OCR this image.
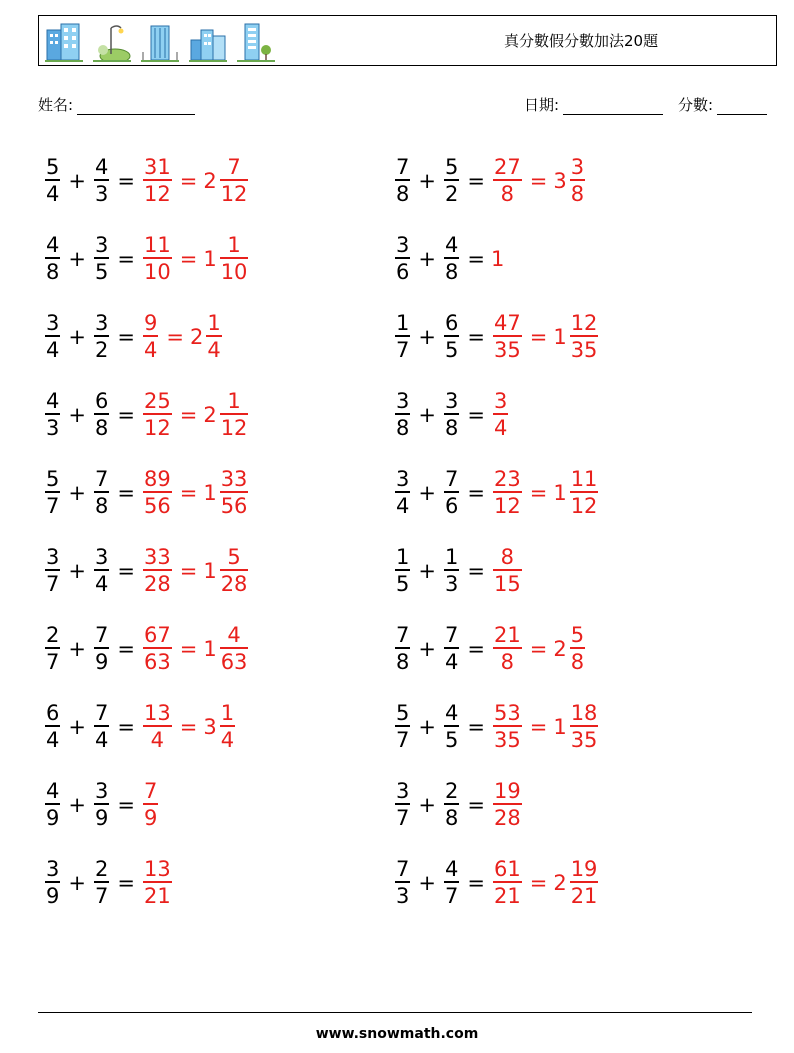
真分數假分數加法20題
姓名:	日期:	分數:
$\frac{5}{4} + \frac{4}{3} = \frac{31}{12} = 2 \frac{7}{12}$
$\frac{4}{8} + \frac{3}{5} = \frac{11}{10} = 1 \frac{1}{10}$
$\frac{3}{4} + \frac{3}{2} = \frac{9}{4} = 2 \frac{1}{4}$
$\frac{4}{3} + \frac{6}{8} = \frac{25}{12} = 2 \frac{1}{12}$
$\frac{5}{7} + \frac{7}{8} = \frac{89}{56} = 1 \frac{33}{56}$
$\frac{3}{7} + \frac{3}{4} = \frac{33}{28} = 1 \frac{5}{28}$
$\frac{2}{7} + \frac{7}{9} = \frac{67}{63} = 1 \frac{4}{63}$
$\frac{6}{4} + \frac{7}{4} = \frac{13}{4} = 3 \frac{1}{4}$
$\frac{4}{9} + \frac{3}{9} = \frac{7}{9}$
$\frac{3}{9} + \frac{2}{7} = \frac{13}{21}$
$\frac{7}{8} + \frac{5}{2} = \frac{27}{8} = 3 \frac{3}{8}$
$\frac{3}{6} + \frac{4}{8} = 1$
$\frac{1}{7} + \frac{6}{5} = \frac{47}{35} = 1 \frac{12}{35}$
$\frac{3}{8} + \frac{3}{8} = \frac{3}{4}$
$\frac{3}{4} + \frac{7}{6} = \frac{23}{12} = 1 \frac{11}{12}$
$\frac{1}{5} + \frac{1}{3} = \frac{8}{15}$
$\frac{7}{8} + \frac{7}{4} = \frac{21}{8} = 2 \frac{5}{8}$
$\frac{5}{7} + \frac{4}{5} = \frac{53}{35} = 1 \frac{18}{35}$
$\frac{3}{7} + \frac{2}{8} = \frac{19}{28}$
$\frac{7}{3} + \frac{4}{7} = \frac{61}{21} = 2 \frac{19}{21}$
www.snowmath.com
